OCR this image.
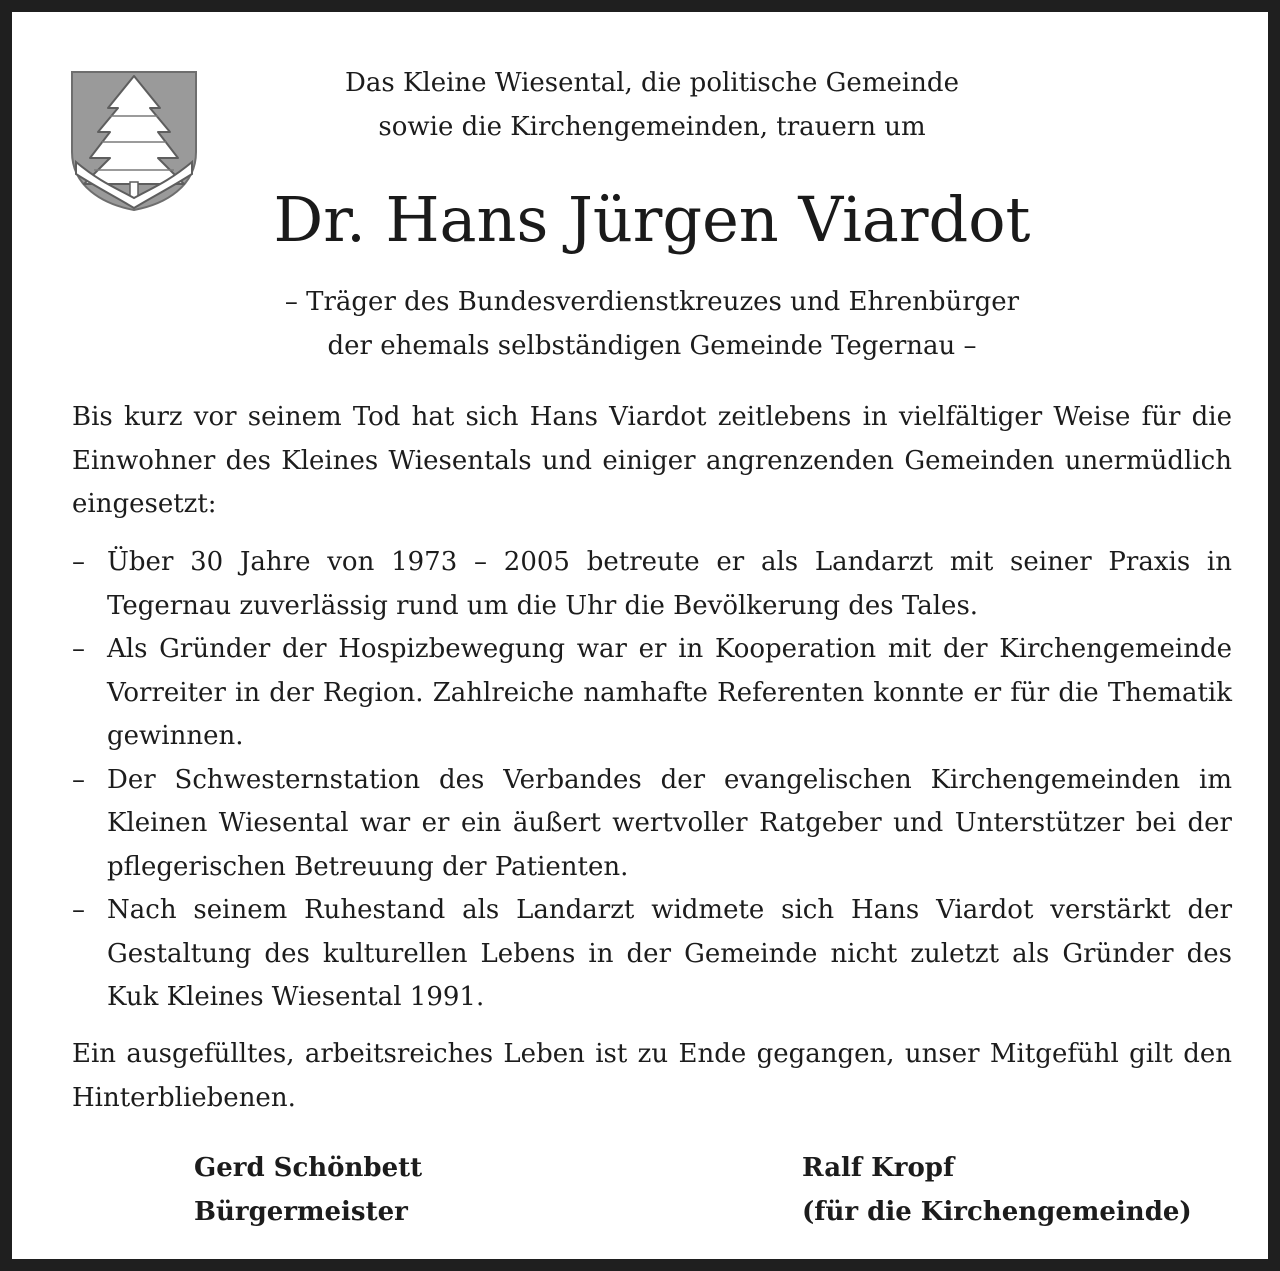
Das Kleine Wiesental, die politische Gemeinde
sowie die Kirchengemeinden, trauern um
Dr. Hans Jürgen Viardot
– Träger des Bundesverdienstkreuzes und Ehrenbürger
der ehemals selbständigen Gemeinde Tegernau –
Bis kurz vor seinem Tod hat sich Hans Viardot zeitlebens in vielfältiger Weise für die Einwohner des Kleines Wiesentals und einiger angrenzenden Gemeinden unermüdlich eingesetzt:
– Über 30 Jahre von 1973 – 2005 betreute er als Landarzt mit seiner Praxis in Tegernau zuverlässig rund um die Uhr die Bevölkerung des Tales.
– Als Gründer der Hospizbewegung war er in Kooperation mit der Kirchengemeinde Vorreiter in der Region. Zahlreiche namhafte Referenten konnte er für die Thematik gewinnen.
– Der Schwesternstation des Verbandes der evangelischen Kirchengemeinden im Kleinen Wiesental war er ein äußert wertvoller Ratgeber und Unterstützer bei der pflegerischen Betreuung der Patienten.
– Nach seinem Ruhestand als Landarzt widmete sich Hans Viardot verstärkt der Gestaltung des kulturellen Lebens in der Gemeinde nicht zuletzt als Gründer des Kuk Kleines Wiesental 1991.
Ein ausgefülltes, arbeitsreiches Leben ist zu Ende gegangen, unser Mitgefühl gilt den Hinterbliebenen.
Gerd Schönbett
Bürgermeister
Ralf Kropf
(für die Kirchengemeinde)
